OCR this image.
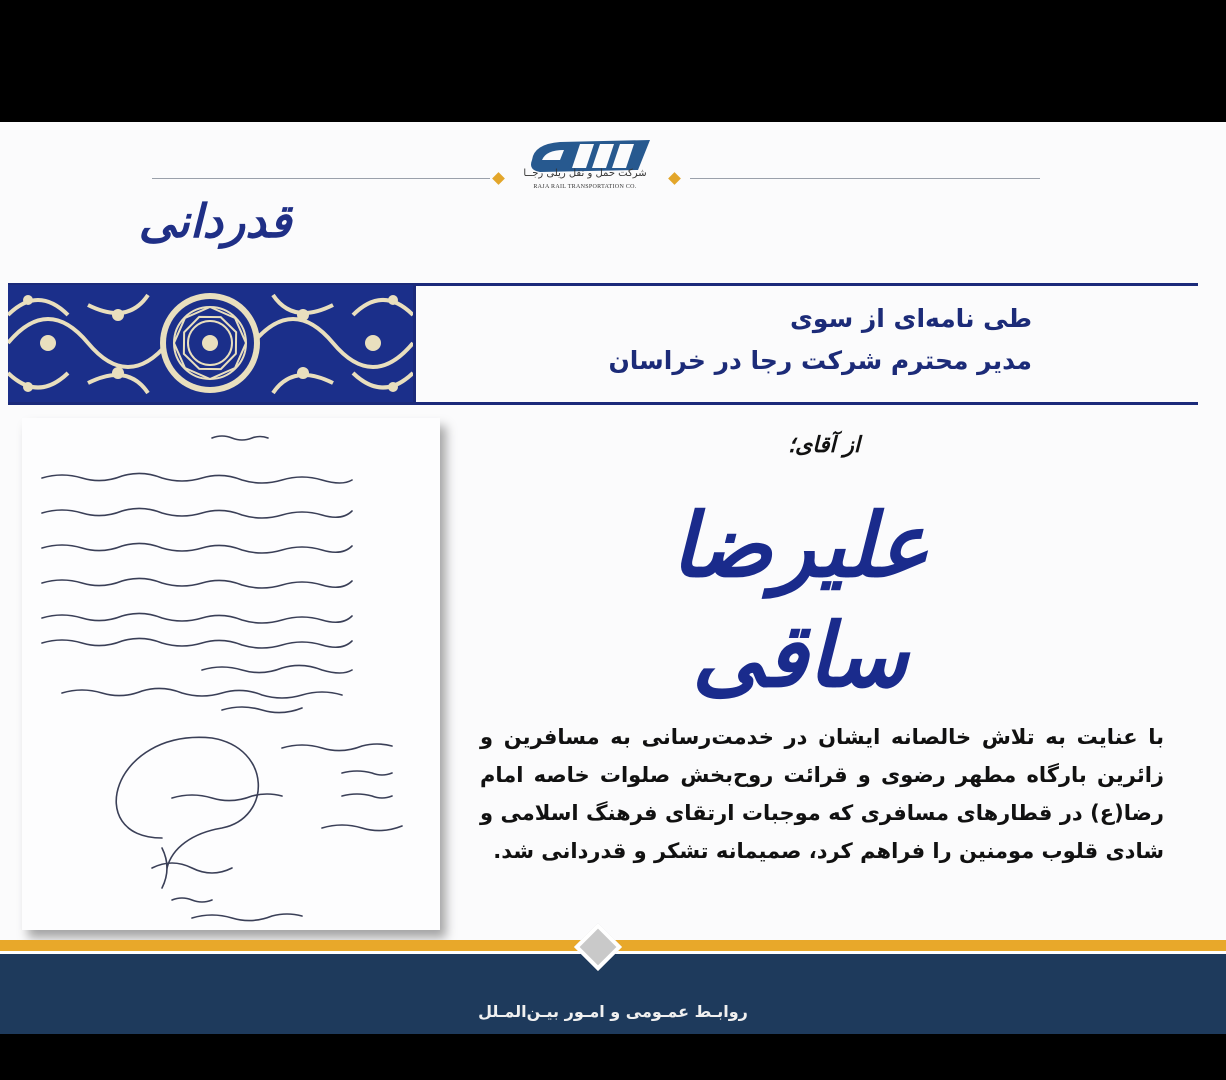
شرکت حمل و نقل ریلی رجــا
RAJA RAIL TRANSPORTATION CO.
قدردانی
طی نامه‌ای از سوی
مدیر محترم شرکت رجا در خراسان
از آقای؛
علیرضا ساقی
با عنایت به تلاش خالصانه ایشان در خدمت‌رسانی به مسافرین و زائرین بارگاه مطهر رضوی و قرائت روح‌بخش صلوات خاصه امام رضا(ع) در قطارهای مسافری که موجبات ارتقای فرهنگ اسلامی و شادی قلوب مومنین را فراهم کرد، صمیمانه تشکر و قدردانی شد.
روابـط عمـومی و امـور بیـن‌المـلل
